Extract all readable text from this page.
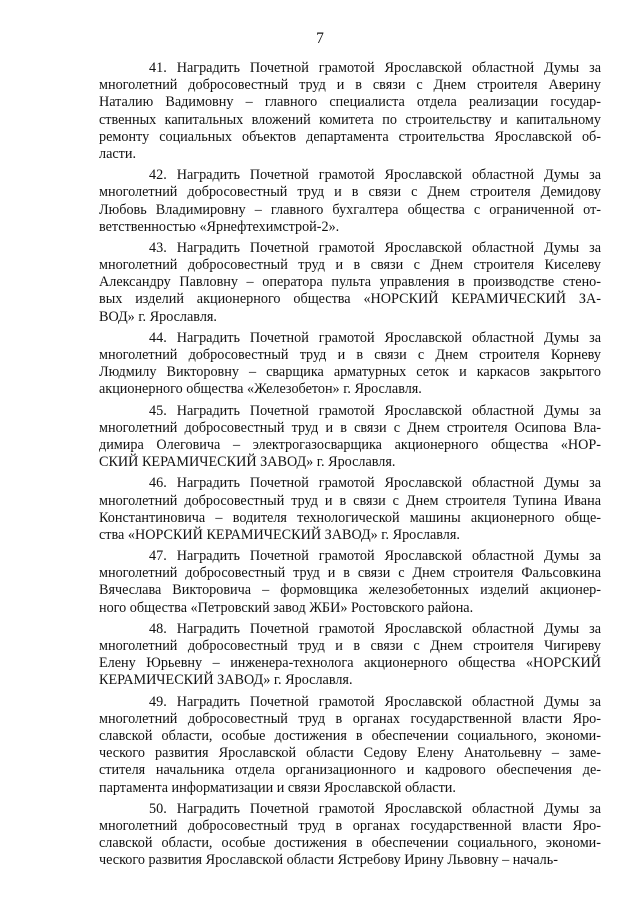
7
41. Наградить Почетной грамотой Ярославской областной Думы за
многолетний добросовестный труд и в связи с Днем строителя Аверину
Наталию Вадимовну – главного специалиста отдела реализации государ-
ственных капитальных вложений комитета по строительству и капитальному
ремонту социальных объектов департамента строительства Ярославской об-
ласти.
42. Наградить Почетной грамотой Ярославской областной Думы за
многолетний добросовестный труд и в связи с Днем строителя Демидову
Любовь Владимировну – главного бухгалтера общества с ограниченной от-
ветственностью «Ярнефтехимстрой-2».
43. Наградить Почетной грамотой Ярославской областной Думы за
многолетний добросовестный труд и в связи с Днем строителя Киселеву
Александру Павловну – оператора пульта управления в производстве стено-
вых изделий акционерного общества «НОРСКИЙ КЕРАМИЧЕСКИЙ ЗА-
ВОД» г. Ярославля.
44. Наградить Почетной грамотой Ярославской областной Думы за
многолетний добросовестный труд и в связи с Днем строителя Корневу
Людмилу Викторовну – сварщика арматурных сеток и каркасов закрытого
акционерного общества «Железобетон» г. Ярославля.
45. Наградить Почетной грамотой Ярославской областной Думы за
многолетний добросовестный труд и в связи с Днем строителя Осипова Вла-
димира Олеговича – электрогазосварщика акционерного общества «НОР-
СКИЙ КЕРАМИЧЕСКИЙ ЗАВОД» г. Ярославля.
46. Наградить Почетной грамотой Ярославской областной Думы за
многолетний добросовестный труд и в связи с Днем строителя Тупина Ивана
Константиновича – водителя технологической машины акционерного обще-
ства «НОРСКИЙ КЕРАМИЧЕСКИЙ ЗАВОД» г. Ярославля.
47. Наградить Почетной грамотой Ярославской областной Думы за
многолетний добросовестный труд и в связи с Днем строителя Фальсовкина
Вячеслава Викторовича – формовщика железобетонных изделий акционер-
ного общества «Петровский завод ЖБИ» Ростовского района.
48. Наградить Почетной грамотой Ярославской областной Думы за
многолетний добросовестный труд и в связи с Днем строителя Чигиреву
Елену Юрьевну – инженера-технолога акционерного общества «НОРСКИЙ
КЕРАМИЧЕСКИЙ ЗАВОД» г. Ярославля.
49. Наградить Почетной грамотой Ярославской областной Думы за
многолетний добросовестный труд в органах государственной власти Яро-
славской области, особые достижения в обеспечении социального, экономи-
ческого развития Ярославской области Седову Елену Анатольевну – заме-
стителя начальника отдела организационного и кадрового обеспечения де-
партамента информатизации и связи Ярославской области.
50. Наградить Почетной грамотой Ярославской областной Думы за
многолетний добросовестный труд в органах государственной власти Яро-
славской области, особые достижения в обеспечении социального, экономи-
ческого развития Ярославской области Ястребову Ирину Львовну – началь-
